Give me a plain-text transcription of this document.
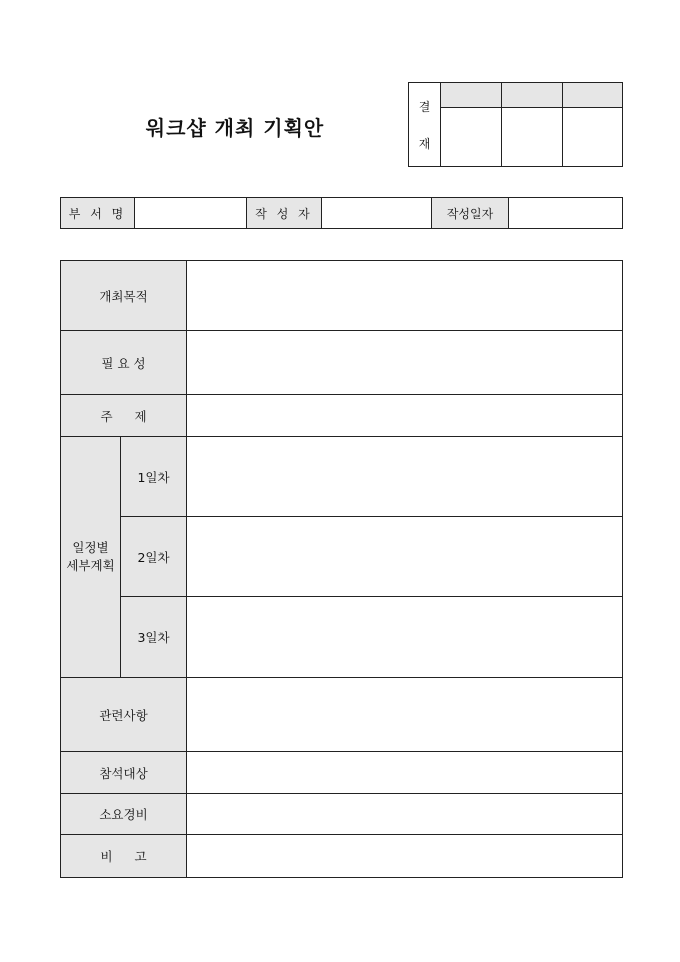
워크샵 개최 기획안
결
재			

부 서 명		작 성 자		작성일자	
개최목적		
필 요 성		
주 제		
일정별 세부계획	1일차	
	2일차	
	3일차	
관련사항		
참석대상		
소요경비		
비 고		
